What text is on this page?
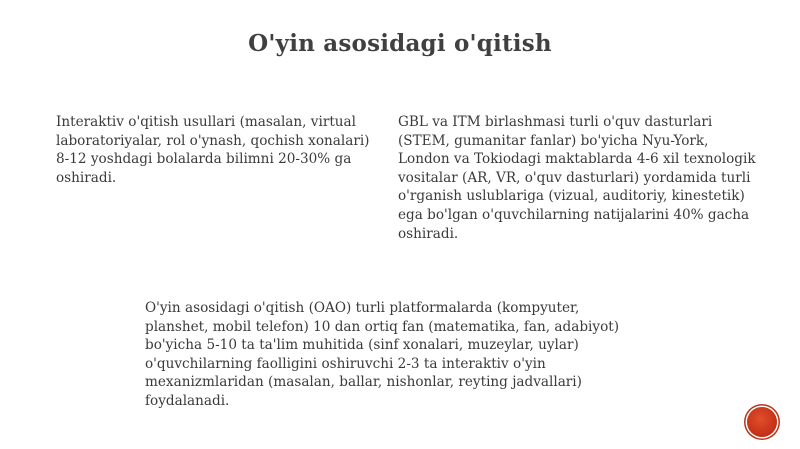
O'yin asosidagi o'qitish
Interaktiv o'qitish usullari (masalan, virtual laboratoriyalar, rol o'ynash, qochish xonalari) 8-12 yoshdagi bolalarda bilimni 20-30% ga oshiradi.
GBL va ITM birlashmasi turli o'quv dasturlari (STEM, gumanitar fanlar) bo'yicha Nyu-York, London va Tokiodagi maktablarda 4-6 xil texnologik vositalar (AR, VR, o'quv dasturlari) yordamida turli o'rganish uslublariga (vizual, auditoriy, kinestetik) ega bo'lgan o'quvchilarning natijalarini 40% gacha oshiradi.
O'yin asosidagi o'qitish (OAO) turli platformalarda (kompyuter, planshet, mobil telefon) 10 dan ortiq fan (matematika, fan, adabiyot) bo'yicha 5-10 ta ta'lim muhitida (sinf xonalari, muzeylar, uylar) o'quvchilarning faolligini oshiruvchi 2-3 ta interaktiv o'yin mexanizmlaridan (masalan, ballar, nishonlar, reyting jadvallari) foydalanadi.
